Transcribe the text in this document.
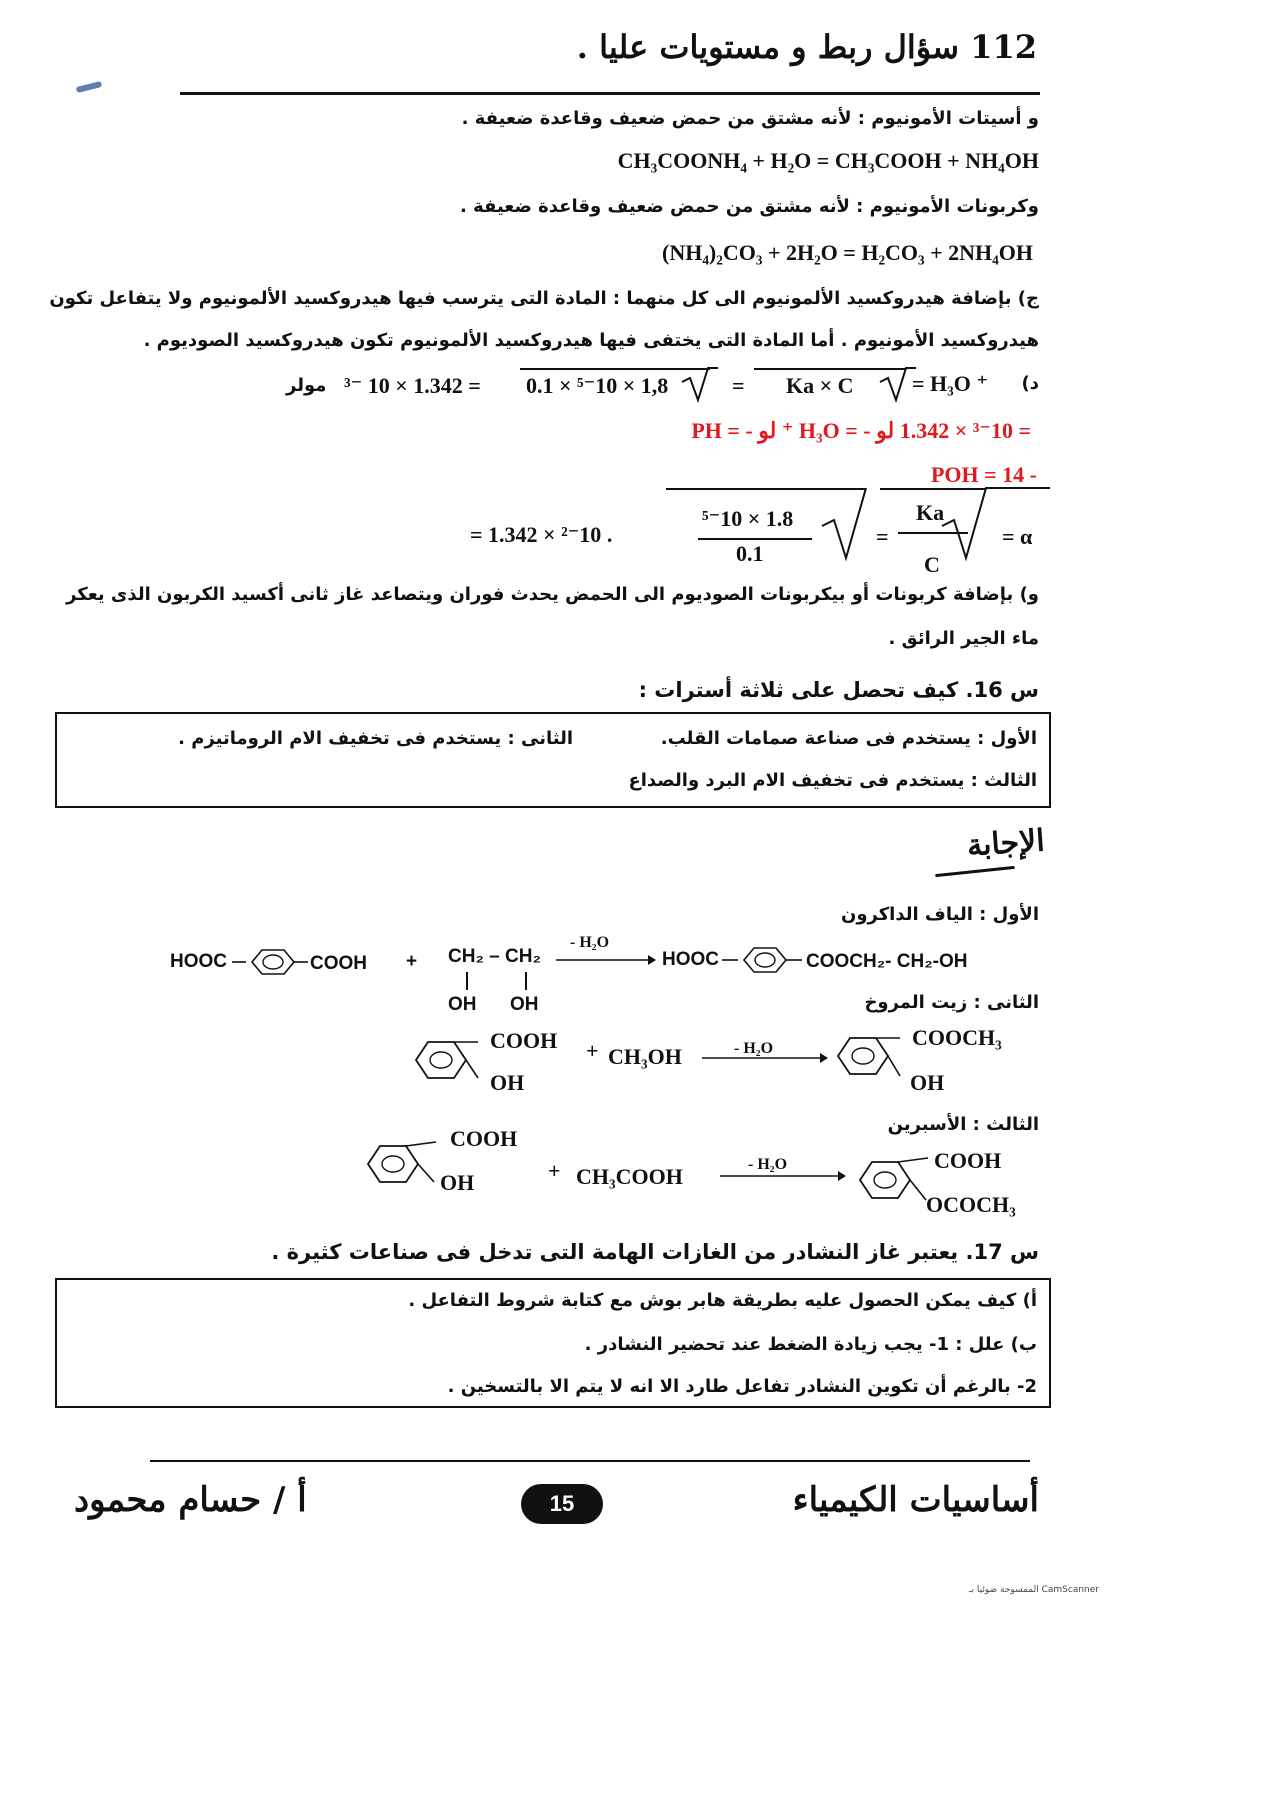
112 سؤال ربط و مستويات عليا .
و أسيتات الأمونيوم : لأنه مشتق من حمض ضعيف وقاعدة ضعيفة .
CH₃COONH₄ + H₂O = CH₃COOH + NH₄OH
وكربونات الأمونيوم : لأنه مشتق من حمض ضعيف وقاعدة ضعيفة .
(NH₄)₂CO₃ + 2H₂O = H₂CO₃ + 2NH₄OH
ج) بإضافة هيدروكسيد الألمونيوم الى كل منهما : المادة التى يترسب فيها هيدروكسيد الألمونيوم ولا يتفاعل تكون
هيدروكسيد الأمونيوم . أما المادة التى يختفى فيها هيدروكسيد الألمونيوم تكون هيدروكسيد الصوديوم .
د)
= H₃O ⁺
Ka × C
=
0.1 × ⁵⁻10 × 1,8
= 1.342 × 10 ⁻³
مولر
= ³⁻10 × 1.342 لو - = H₃O ⁺ لو - = PH
- 14 = POH
= α
Ka
C
=
⁵⁻10 × 1.8
0.1
. ²⁻10 × 1.342 =
و) بإضافة كربونات أو بيكربونات الصوديوم الى الحمض يحدث فوران ويتصاعد غاز ثانى أكسيد الكربون الذى يعكر
ماء الجير الرائق .
س 16. كيف تحصل على ثلاثة أسترات :
الأول : يستخدم فى صناعة صمامات القلب.
الثانى : يستخدم فى تخفيف الام الروماتيزم .
الثالث : يستخدم فى تخفيف الام البرد والصداع
الإجابة
الأول : الياف الداكرون
HOOC	COOH + CH₂ – CH₂
OH OH
- H₂O
HOOC	COOCH₂- CH₂-OH
الثانى : زيت المروخ
COOH
OH
+ CH₃OH	- H₂O	COOCH₃
OH
الثالث : الأسبرين
COOH
OH	+ CH₃COOH	- H₂O	COOH
OCOCH₃
س 17. يعتبر غاز النشادر من الغازات الهامة التى تدخل فى صناعات كثيرة .
أ) كيف يمكن الحصول عليه بطريقة هابر بوش مع كتابة شروط التفاعل .
ب) علل : 1- يجب زيادة الضغط عند تحضير النشادر .
2- بالرغم أن تكوين النشادر تفاعل طارد الا انه لا يتم الا بالتسخين .
أساسيات الكيمياء
15
أ / حسام محمود
CamScanner الممسوحة ضوئيا بـ
